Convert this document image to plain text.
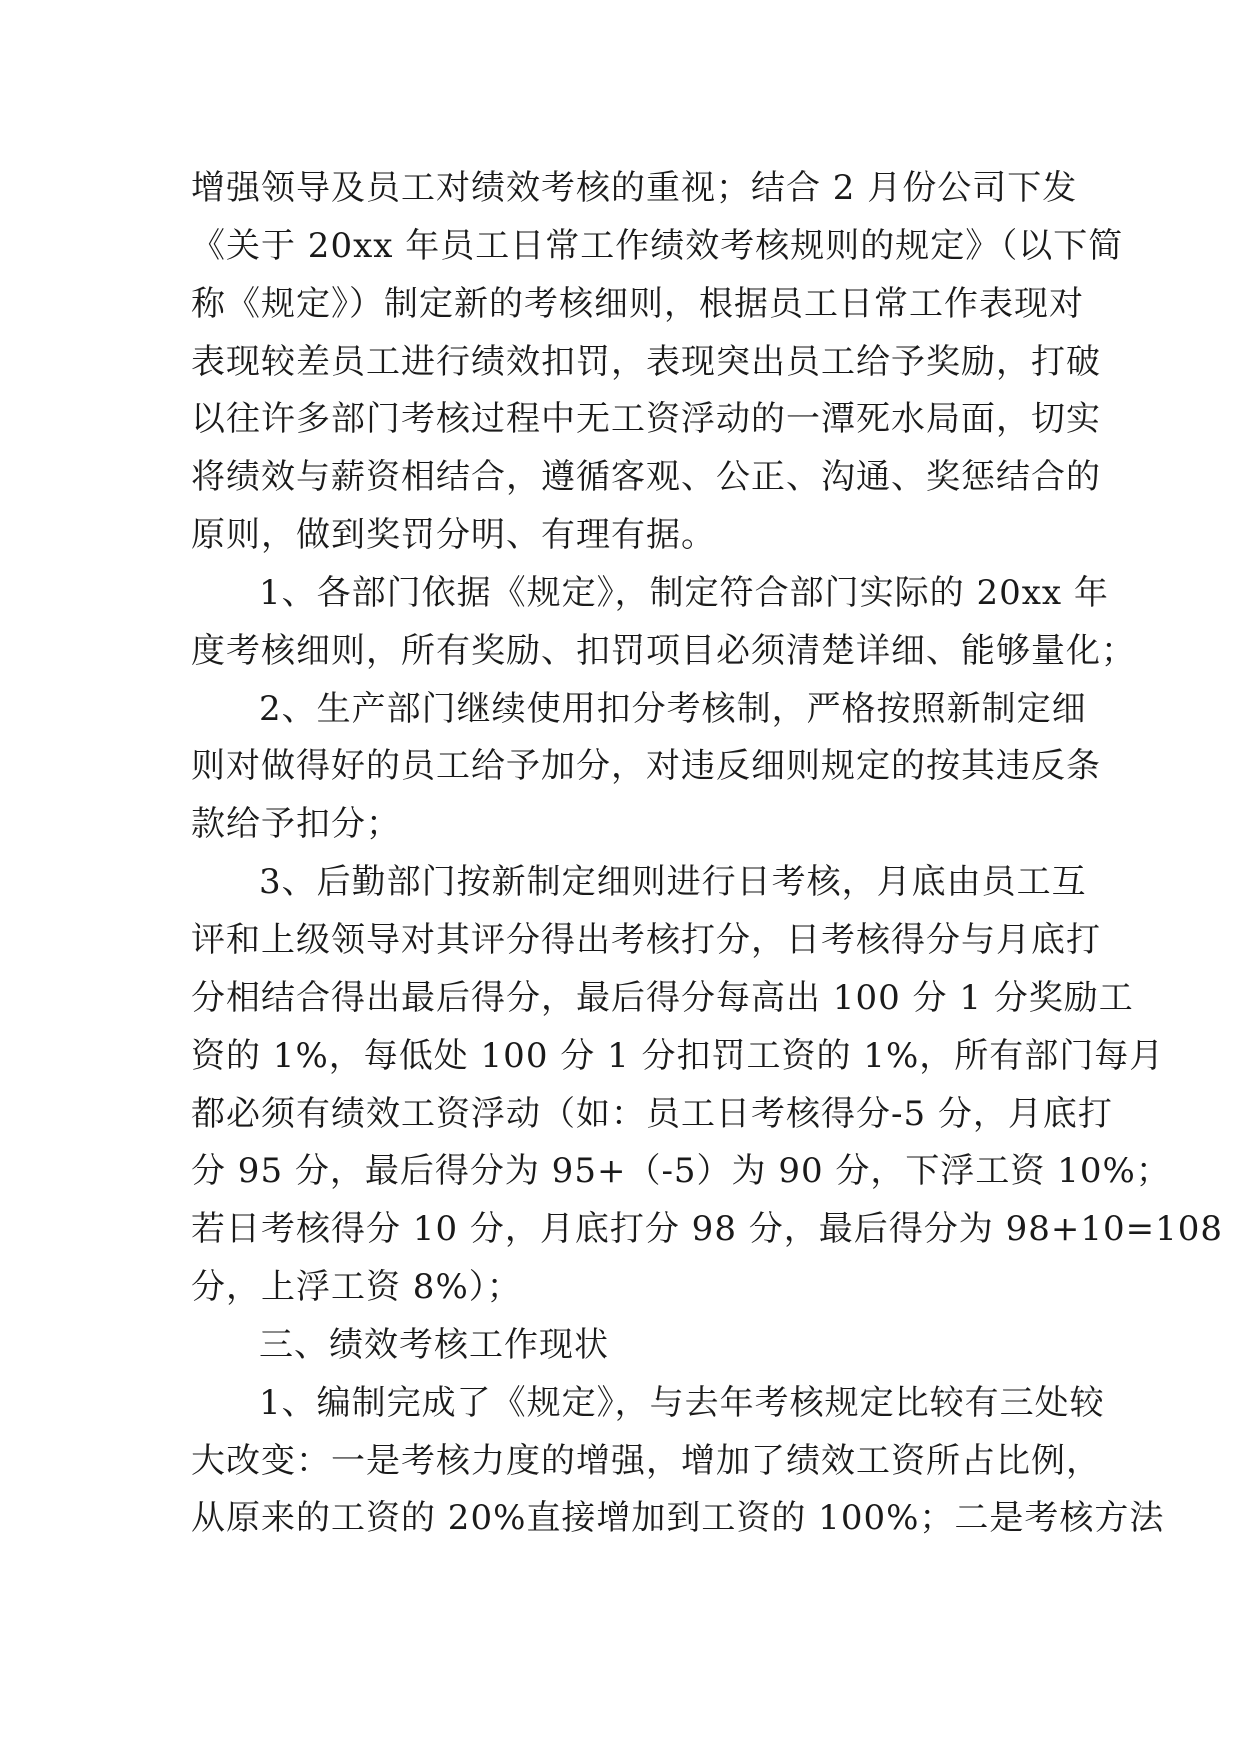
增强领导及员工对绩效考核的重视；结合 2 月份公司下发
《关于 20xx 年员工日常工作绩效考核规则的规定》（以下简
称《规定》）制定新的考核细则，根据员工日常工作表现对
表现较差员工进行绩效扣罚，表现突出员工给予奖励，打破
以往许多部门考核过程中无工资浮动的一潭死水局面，切实
将绩效与薪资相结合，遵循客观、公正、沟通、奖惩结合的
原则，做到奖罚分明、有理有据。
1、各部门依据《规定》，制定符合部门实际的 20xx 年
度考核细则，所有奖励、扣罚项目必须清楚详细、能够量化；
2、生产部门继续使用扣分考核制，严格按照新制定细
则对做得好的员工给予加分，对违反细则规定的按其违反条
款给予扣分；
3、后勤部门按新制定细则进行日考核，月底由员工互
评和上级领导对其评分得出考核打分，日考核得分与月底打
分相结合得出最后得分，最后得分每高出 100 分 1 分奖励工
资的 1%，每低处 100 分 1 分扣罚工资的 1%，所有部门每月
都必须有绩效工资浮动（如：员工日考核得分-5 分，月底打
分 95 分，最后得分为 95+（-5）为 90 分，下浮工资 10%；
若日考核得分 10 分，月底打分 98 分，最后得分为 98+10=108
分，上浮工资 8%）；
三、绩效考核工作现状
1、编制完成了《规定》，与去年考核规定比较有三处较
大改变：一是考核力度的增强，增加了绩效工资所占比例，
从原来的工资的 20%直接增加到工资的 100%；二是考核方法
